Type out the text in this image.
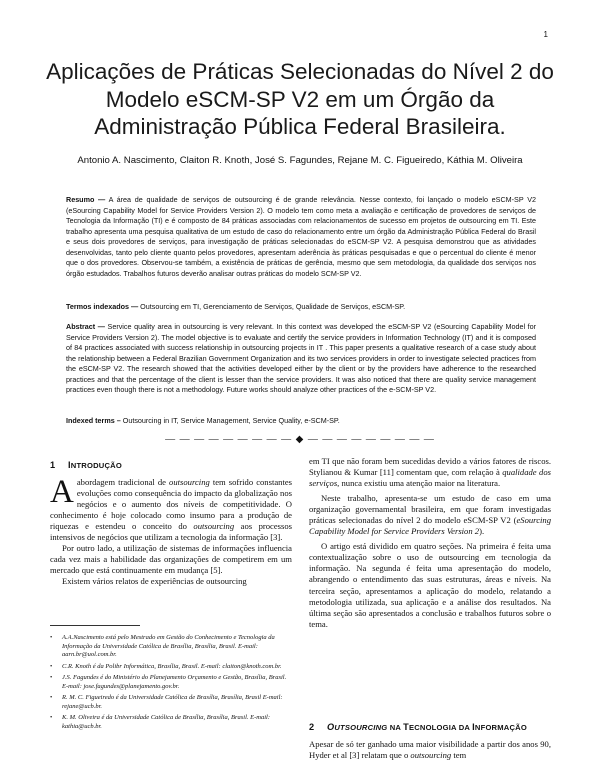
1
Aplicações de Práticas Selecionadas do Nível 2 do Modelo eSCM-SP V2 em um Órgão da Administração Pública Federal Brasileira.
Antonio A. Nascimento, Claiton R. Knoth, José S. Fagundes, Rejane M. C. Figueiredo, Káthia M. Oliveira
Resumo — A área de qualidade de serviços de outsourcing é de grande relevância. Nesse contexto, foi lançado o modelo eSCM-SP V2 (eSourcing Capability Model for Service Providers Version 2). O modelo tem como meta a avaliação e certificação de provedores de serviços de Tecnologia da Informação (TI) e é composto de 84 práticas associadas com relacionamentos de sucesso em projetos de outsourcing em TI. Este trabalho apresenta uma pesquisa qualitativa de um estudo de caso do relacionamento entre um órgão da Administração Pública Federal do Brasil e seus dois provedores de serviços, para investigação de práticas selecionadas do eSCM-SP V2. A pesquisa demonstrou que as atividades desenvolvidas, tanto pelo cliente quanto pelos provedores, apresentam aderência às práticas pesquisadas e que o percentual do cliente é menor que o dos provedores. Observou-se também, a existência de práticas de gerência, mesmo que sem metodologia, da qualidade dos serviços nos órgão estudados. Trabalhos futuros deverão analisar outras práticas do modelo SCM-SP V2.
Termos indexados — Outsourcing em TI, Gerenciamento de Serviços, Qualidade de Serviços, eSCM-SP.
Abstract — Service quality area in outsourcing is very relevant. In this context was developed the eSCM-SP V2 (eSourcing Capability Model for Service Providers Version 2). The model objective is to evaluate and certify the service providers in Information Technology (IT) and it is composed of 84 practices associated with success relationship in outsourcing projects in IT . This paper presents a qualitative research of a case study about the relationship between a Federal Brazilian Government Organization and its two services providers in order to investigate selected practices from the eSCM-SP V2. The research showed that the activities developed either by the client or by the providers have adherence to the researched practices and that the percentage of the client is lesser than the service providers. It was also noticed that there are quality service management practices even though there is not a methodology. Future works should analyze other practices of the e-SCM-SP V2.
Indexed terms – Outsourcing in IT, Service Management, Service Quality, e-SCM-SP.
— — — — — — — — — ◆ — — — — — — — — —
1 INTRODUÇÃO

Aabordagem tradicional de outsourcing tem sofrido constantes evoluções como consequência do impacto da globalização nos negócios e o aumento dos níveis de competitividade. O conhecimento é hoje colocado como insumo para a produção de riquezas e estendeu o conceito do outsourcing aos processos intensivos de negócios que utilizam a tecnologia da informação [3].

Por outro lado, a utilização de sistemas de informações influencia cada vez mais a habilidade das organizações de competirem em um mercado que está continuamente em mudança [5].

Existem vários relatos de experiências de outsourcing

• A.A.Nascimento está pelo Mestrado em Gestão do Conhecimento e Tecnologia da Informação da Universidade Católica de Brasília, Brasília, Brasil. E-mail: aarn.br@uol.com.br.
• C.R. Knoth é da Polibr Informática, Brasília, Brasil. E-mail: claiton@knoth.com.br.
• J.S. Fagundes é do Ministério do Planejamento Orçamento e Gestão, Brasília, Brasil. E-mail: jose.fagundes@planejamento.gov.br.
• R. M. C. Figueiredo é da Universidade Católica de Brasília, Brasília, Brasil E-mail: rejane@ucb.br.
• K. M. Oliveira é da Universidade Católica de Brasília, Brasília, Brasil. E-mail: kathia@ucb.br.

em TI que não foram bem sucedidas devido a vários fatores de riscos. Stylianou & Kumar [11] comentam que, com relação à qualidade dos serviços, nunca existiu uma atenção maior na literatura.

Neste trabalho, apresenta-se um estudo de caso em uma organização governamental brasileira, em que foram investigadas práticas selecionadas do nível 2 do modelo eSCM-SP V2 (eSourcing Capability Model for Service Providers Version 2).

O artigo está dividido em quatro seções. Na primeira é feita uma contextualização sobre o uso de outsourcing em tecnologia da informação. Na segunda é feita uma apresentação do modelo, abrangendo o entendimento das suas estruturas, áreas e níveis. Na terceira seção, apresentamos a aplicação do modelo, relatando a metodologia utilizada, sua aplicação e a análise dos resultados. Na última seção são apresentados a conclusão e trabalhos futuros sobre o tema.

2 OUTSOURCING NA TECNOLOGIA DA INFORMAÇÃO

Apesar de só ter ganhado uma maior visibilidade a partir dos anos 90, Hyder et al [3] relatam que o outsourcing tem
